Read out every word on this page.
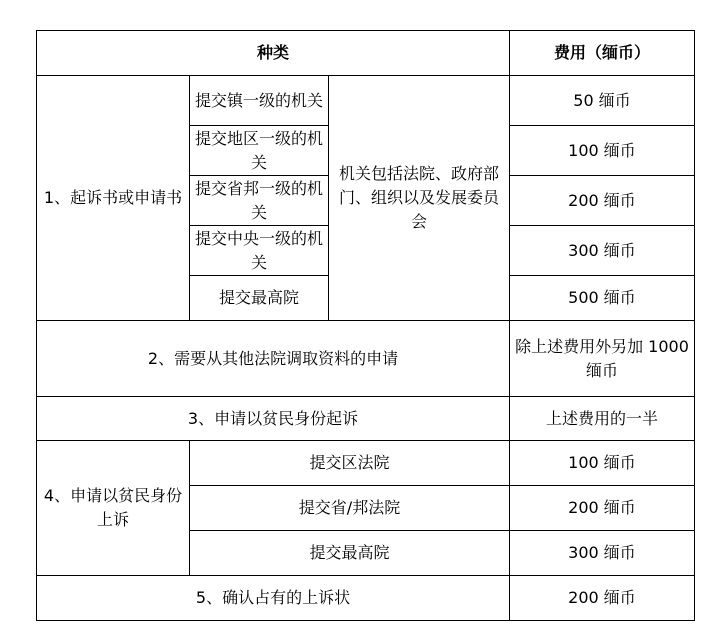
种类			费用（缅币）
1、起诉书或申请书	提交镇一级的机关	机关包括法院、政府部门、组织以及发展委员会	50 缅币
	提交地区一级的机关		100 缅币
	提交省邦一级的机关		200 缅币
	提交中央一级的机关		300 缅币
	提交最高院		500 缅币
2、需要从其他法院调取资料的申请			除上述费用外另加 1000 缅币
3、申请以贫民身份起诉			上述费用的一半
4、申请以贫民身份上诉	提交区法院		100 缅币
	提交省/邦法院		200 缅币
	提交最高院		300 缅币
5、确认占有的上诉状			200 缅币
